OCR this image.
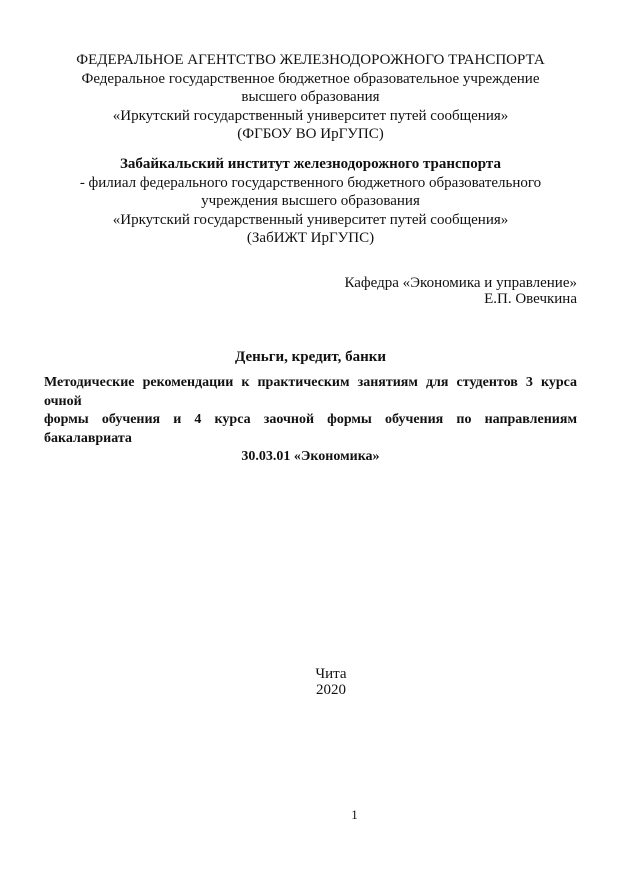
ФЕДЕРАЛЬНОЕ АГЕНТСТВО ЖЕЛЕЗНОДОРОЖНОГО ТРАНСПОРТА
Федеральное государственное бюджетное образовательное учреждение
высшего образования
«Иркутский государственный университет путей сообщения»
(ФГБОУ ВО ИрГУПС)
Забайкальский институт железнодорожного транспорта
- филиал федерального государственного бюджетного образовательного
учреждения высшего образования
«Иркутский государственный университет путей сообщения»
(ЗабИЖТ ИрГУПС)
Кафедра «Экономика и управление»
Е.П. Овечкина
Деньги, кредит, банки
Методические рекомендации к практическим занятиям для студентов 3 курса очной
формы обучения и 4 курса заочной формы обучения по направлениям бакалавриата
30.03.01 «Экономика»
Чита
2020
1
